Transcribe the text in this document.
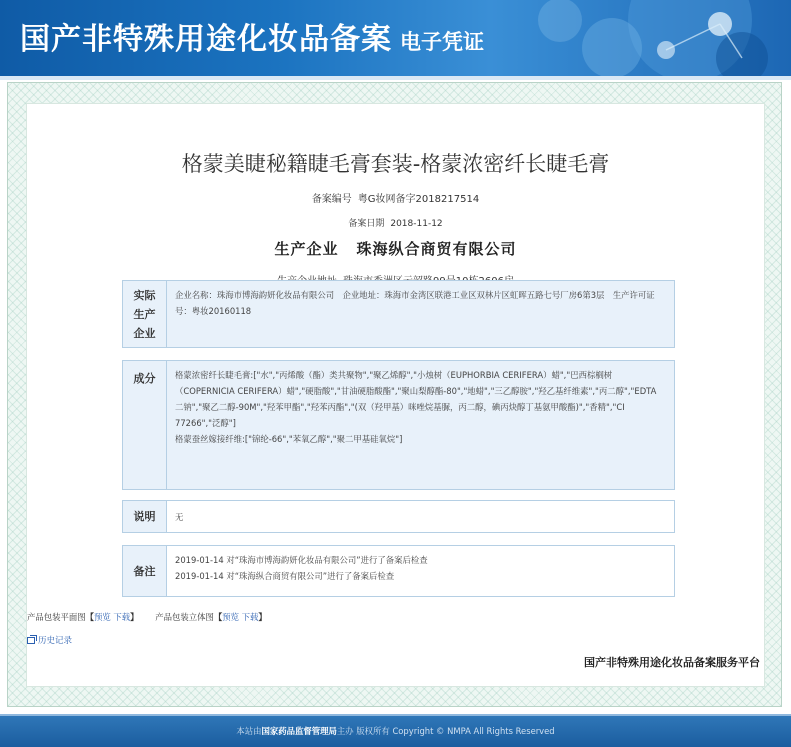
国产非特殊用途化妆品备案 电子凭证
格蒙美睫秘籍睫毛膏套装-格蒙浓密纤长睫毛膏
备案编号 粤G妆网备字2018217514
备案日期 2018-11-12
生产企业 珠海纵合商贸有限公司
实际生产企业

企业名称：珠海市博海韵妍化妆品有限公司　企业地址：珠海市金湾区联港工业区双林片区虹晖五路七号厂房6第3层　生产许可证号：粤妆20160118

成分 格蒙浓密纤长睫毛膏:["水","丙烯酸（酯）类共聚物","聚乙烯醇","小烛树（EUPHORBIA CERIFERA）蜡","巴西棕榈树（COPERNICIA CERIFERA）蜡","硬脂酸","甘油硬脂酸酯","聚山梨醇酯-80","地蜡","三乙醇胺","羟乙基纤维素","丙二醇","EDTA 二钠","聚乙二醇-90M","羟苯甲酯","羟苯丙酯","(双（羟甲基）咪唑烷基脲，丙二醇，碘丙炔醇丁基氨甲酸酯)","香精","CI 77266","泛醇"]

格蒙蚕丝嫁接纤维:["锦纶-66","苯氧乙醇","聚二甲基硅氧烷"]

说明 无

备注

2019-01-14 对“珠海市博海韵妍化妆品有限公司”进行了备案后检查

2019-01-14 对“珠海纵合商贸有限公司”进行了备案后检查

产品包装平面图【预览 下载】 产品包装立体图【预览 下载】
历史记录
国产非特殊用途化妆品备案服务平台
本站由国家药品监督管理局主办 版权所有 Copyright © NMPA All Rights Reserved
